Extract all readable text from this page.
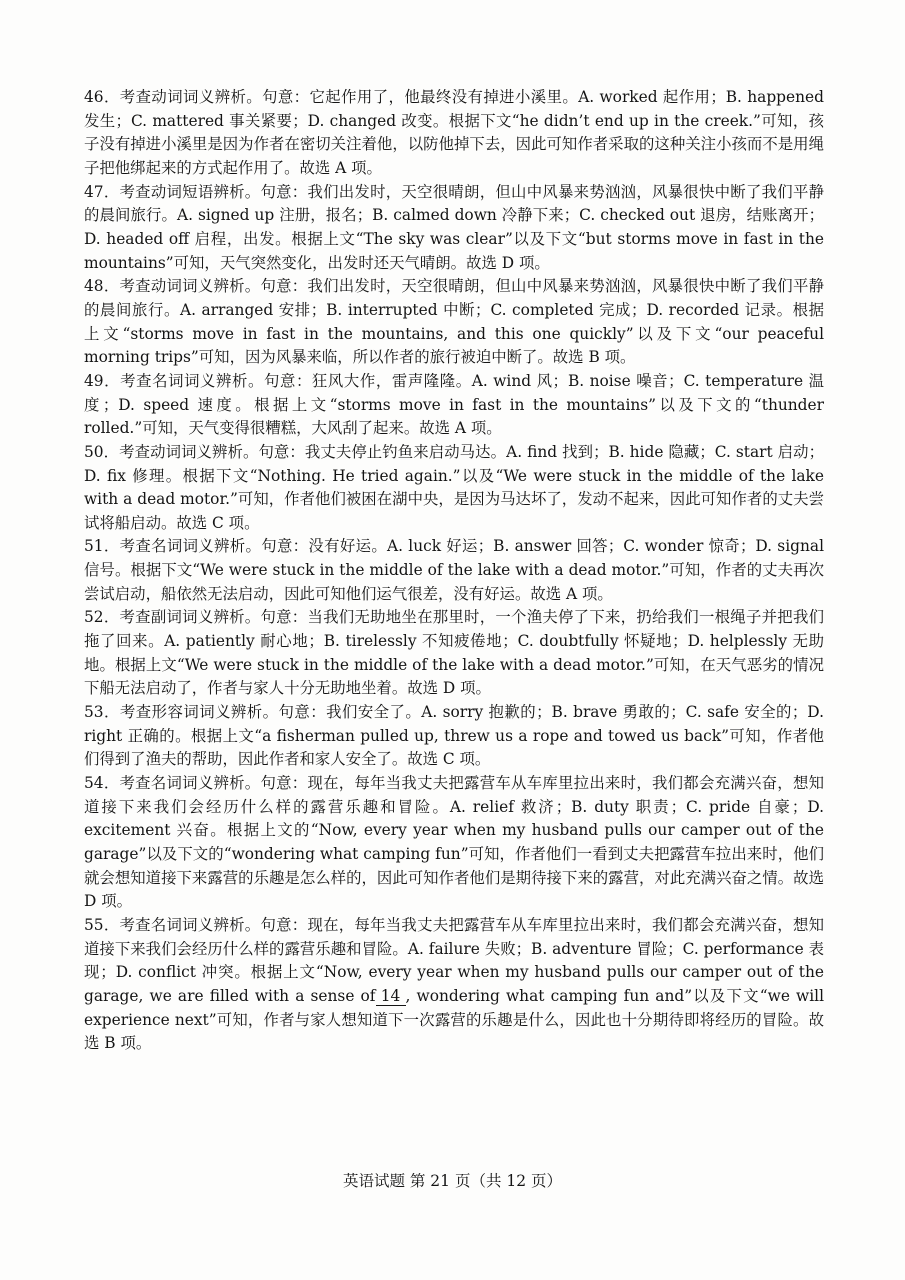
46．考查动词词义辨析。句意：它起作用了，他最终没有掉进小溪里。A. worked 起作用；B. happened 发生；C. mattered 事关紧要；D. changed 改变。根据下文“he didn’t end up in the creek.”可知，孩子没有掉进小溪里是因为作者在密切关注着他，以防他掉下去，因此可知作者采取的这种关注小孩而不是用绳子把他绑起来的方式起作用了。故选 A 项。

47．考查动词短语辨析。句意：我们出发时，天空很晴朗，但山中风暴来势汹汹，风暴很快中断了我们平静的晨间旅行。A. signed up 注册，报名；B. calmed down 冷静下来；C. checked out 退房，结账离开；D. headed off 启程，出发。根据上文“The sky was clear”以及下文“but storms move in fast in the mountains”可知，天气突然变化，出发时还天气晴朗。故选 D 项。

48．考查动词词义辨析。句意：我们出发时，天空很晴朗，但山中风暴来势汹汹，风暴很快中断了我们平静的晨间旅行。A. arranged 安排；B. interrupted 中断；C. completed 完成；D. recorded 记录。根据上文“storms move in fast in the mountains, and this one quickly”以及下文“our peaceful morning trips”可知，因为风暴来临，所以作者的旅行被迫中断了。故选 B 项。

49．考查名词词义辨析。句意：狂风大作，雷声隆隆。A. wind 风；B. noise 噪音；C. temperature 温度；D. speed 速度。根据上文“storms move in fast in the mountains”以及下文的“thunder rolled.”可知，天气变得很糟糕，大风刮了起来。故选 A 项。

50．考查动词词义辨析。句意：我丈夫停止钓鱼来启动马达。A. find 找到；B. hide 隐藏；C. start 启动；D. fix 修理。根据下文“Nothing. He tried again.”以及“We were stuck in the middle of the lake with a dead motor.”可知，作者他们被困在湖中央，是因为马达坏了，发动不起来，因此可知作者的丈夫尝试将船启动。故选 C 项。

51．考查名词词义辨析。句意：没有好运。A. luck 好运；B. answer 回答；C. wonder 惊奇；D. signal 信号。根据下文“We were stuck in the middle of the lake with a dead motor.”可知，作者的丈夫再次尝试启动，船依然无法启动，因此可知他们运气很差，没有好运。故选 A 项。

52．考查副词词义辨析。句意：当我们无助地坐在那里时，一个渔夫停了下来，扔给我们一根绳子并把我们拖了回来。A. patiently 耐心地；B. tirelessly 不知疲倦地；C. doubtfully 怀疑地；D. helplessly 无助地。根据上文“We were stuck in the middle of the lake with a dead motor.”可知，在天气恶劣的情况下船无法启动了，作者与家人十分无助地坐着。故选 D 项。

53．考查形容词词义辨析。句意：我们安全了。A. sorry 抱歉的；B. brave 勇敢的；C. safe 安全的；D. right 正确的。根据上文“a fisherman pulled up, threw us a rope and towed us back”可知，作者他们得到了渔夫的帮助，因此作者和家人安全了。故选 C 项。

54．考查名词词义辨析。句意：现在，每年当我丈夫把露营车从车库里拉出来时，我们都会充满兴奋，想知道接下来我们会经历什么样的露营乐趣和冒险。A. relief 救济；B. duty 职责；C. pride 自豪；D. excitement 兴奋。根据上文的“Now, every year when my husband pulls our camper out of the garage”以及下文的“wondering what camping fun”可知，作者他们一看到丈夫把露营车拉出来时，他们就会想知道接下来露营的乐趣是怎么样的，因此可知作者他们是期待接下来的露营，对此充满兴奋之情。故选 D 项。

55．考查名词词义辨析。句意：现在，每年当我丈夫把露营车从车库里拉出来时，我们都会充满兴奋，想知道接下来我们会经历什么样的露营乐趣和冒险。A. failure 失败；B. adventure 冒险；C. performance 表现；D. conflict 冲突。根据上文“Now, every year when my husband pulls our camper out of the garage, we are filled with a sense of 14 , wondering what camping fun and”以及下文“we will experience next”可知，作者与家人想知道下一次露营的乐趣是什么，因此也十分期待即将经历的冒险。故选 B 项。

英语试题 第 21 页（共 12 页）
